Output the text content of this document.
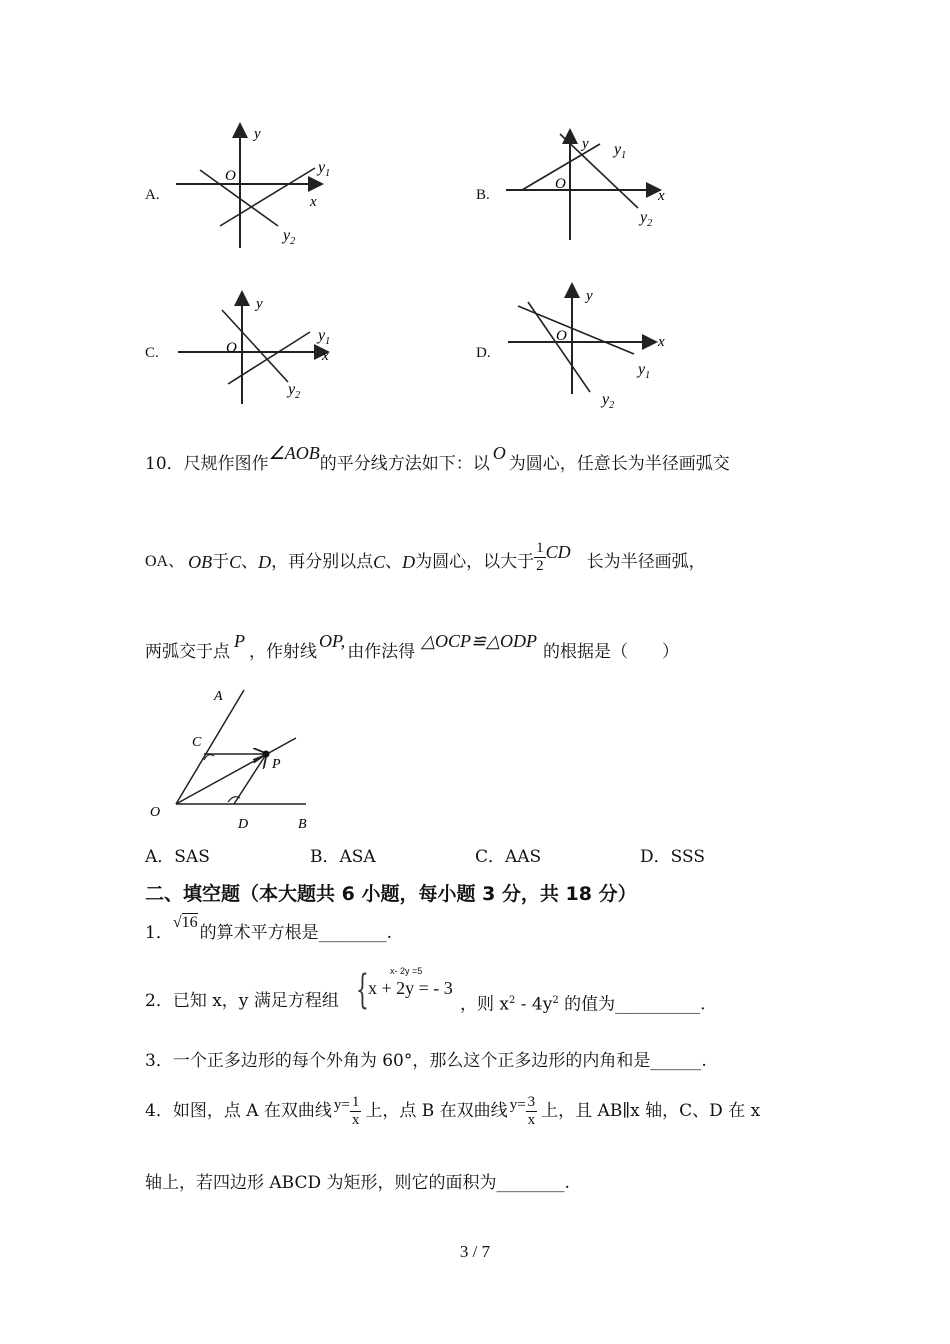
A.
y
O
x
$y_1$
$y_2$
B.
y
O
x
$y_1$
$y_2$
C.
y
O	x
$y_1$
$y_2$
D.
y
O	x
$y_1$
$y_2$
10．尺规作图作∠AOB的平分线方法如下：以O为圆心，任意长为半径画弧交
OA、 OB 于 C 、 D ，再分别以点 C 、 D 为圆心，以大于 $\frac{1}{2}$ CD 长为半径画弧，
两弧交于点P，作射线OP,由作法得△OCP≌△ODP的根据是（　　）
A
C
P
O
D	B
A．SAS	B．ASA	C．AAS	D．SSS
二、填空题（本大题共 6 小题，每小题 3 分，共 18 分）
1．
√16
的算术平方根是________.
2．已知 x，y 满足方程组 { x- 2y =5
x + 2y = - 3
，则 $x^2 - 4y^2$ 的值为__________.
3．一个正多边形的每个外角为 60°，那么这个正多边形的内角和是______.
4．如图，点 A 在双曲线 $y= \frac{1}{x}$ 上，点 B 在双曲线 $y= \frac{3}{x}$ 上，且 AB∥x 轴，C、D 在 x
轴上，若四边形 ABCD 为矩形，则它的面积为________.
3 / 7
